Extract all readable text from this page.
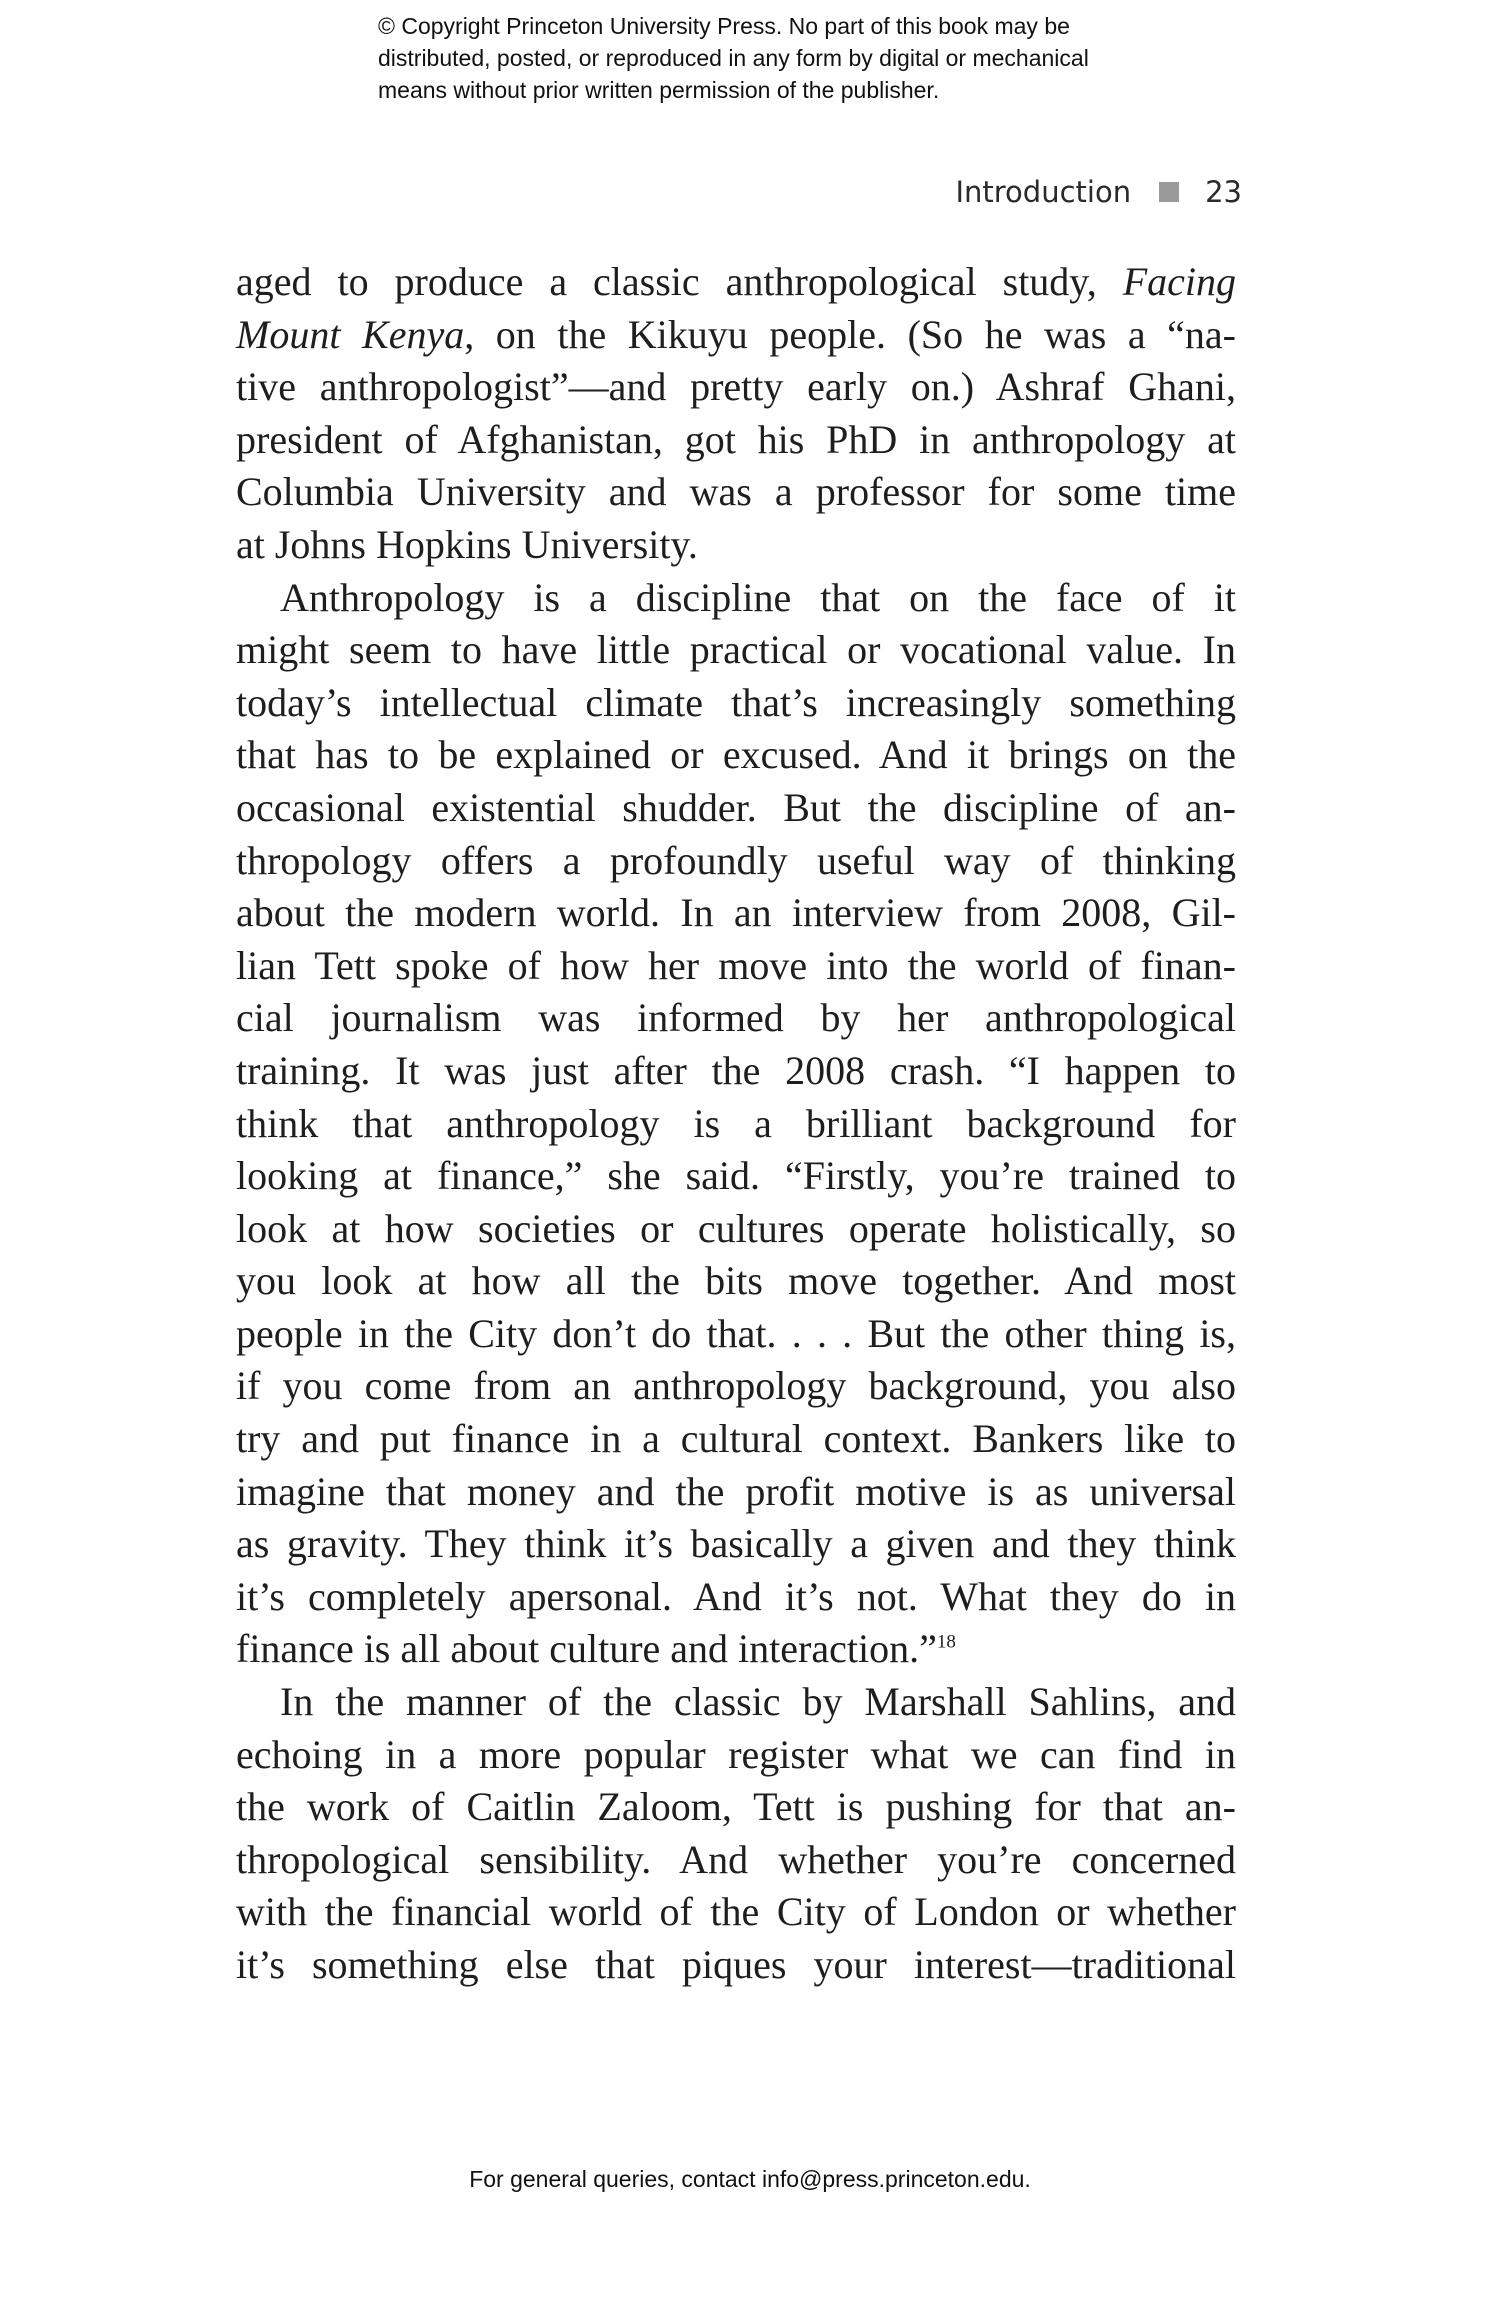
© Copyright Princeton University Press. No part of this book may be
distributed, posted, or reproduced in any form by digital or mechanical
means without prior written permission of the publisher.
Introduction	23

aged to produce a classic anthropological study, Facing
Mount Kenya, on the Kikuyu people. (So he was a “na-
tive anthropologist”—and pretty early on.) Ashraf Ghani,
president of Afghanistan, got his PhD in anthropology at
Columbia University and was a professor for some time
at Johns Hopkins University.

Anthropology is a discipline that on the face of it
might seem to have little practical or vocational value. In
today’s intellectual climate that’s increasingly something
that has to be explained or excused. And it brings on the
occasional existential shudder. But the discipline of an-
thropology offers a profoundly useful way of thinking
about the modern world. In an interview from 2008, Gil-
lian Tett spoke of how her move into the world of finan-
cial journalism was informed by her anthropological
training. It was just after the 2008 crash. “I happen to
think that anthropology is a brilliant background for
looking at finance,” she said. “Firstly, you’re trained to
look at how societies or cultures operate holistically, so
you look at how all the bits move together. And most
people in the City don’t do that. . . . But the other thing is,
if you come from an anthropology background, you also
try and put finance in a cultural context. Bankers like to
imagine that money and the profit motive is as universal
as gravity. They think it’s basically a given and they think
it’s completely apersonal. And it’s not. What they do in
finance is all about culture and interaction.”$^{18}$

In the manner of the classic by Marshall Sahlins, and
echoing in a more popular register what we can find in
the work of Caitlin Zaloom, Tett is pushing for that an-
thropological sensibility. And whether you’re concerned
with the financial world of the City of London or whether
it’s something else that piques your interest—traditional

For general queries, contact info@press.princeton.edu.
